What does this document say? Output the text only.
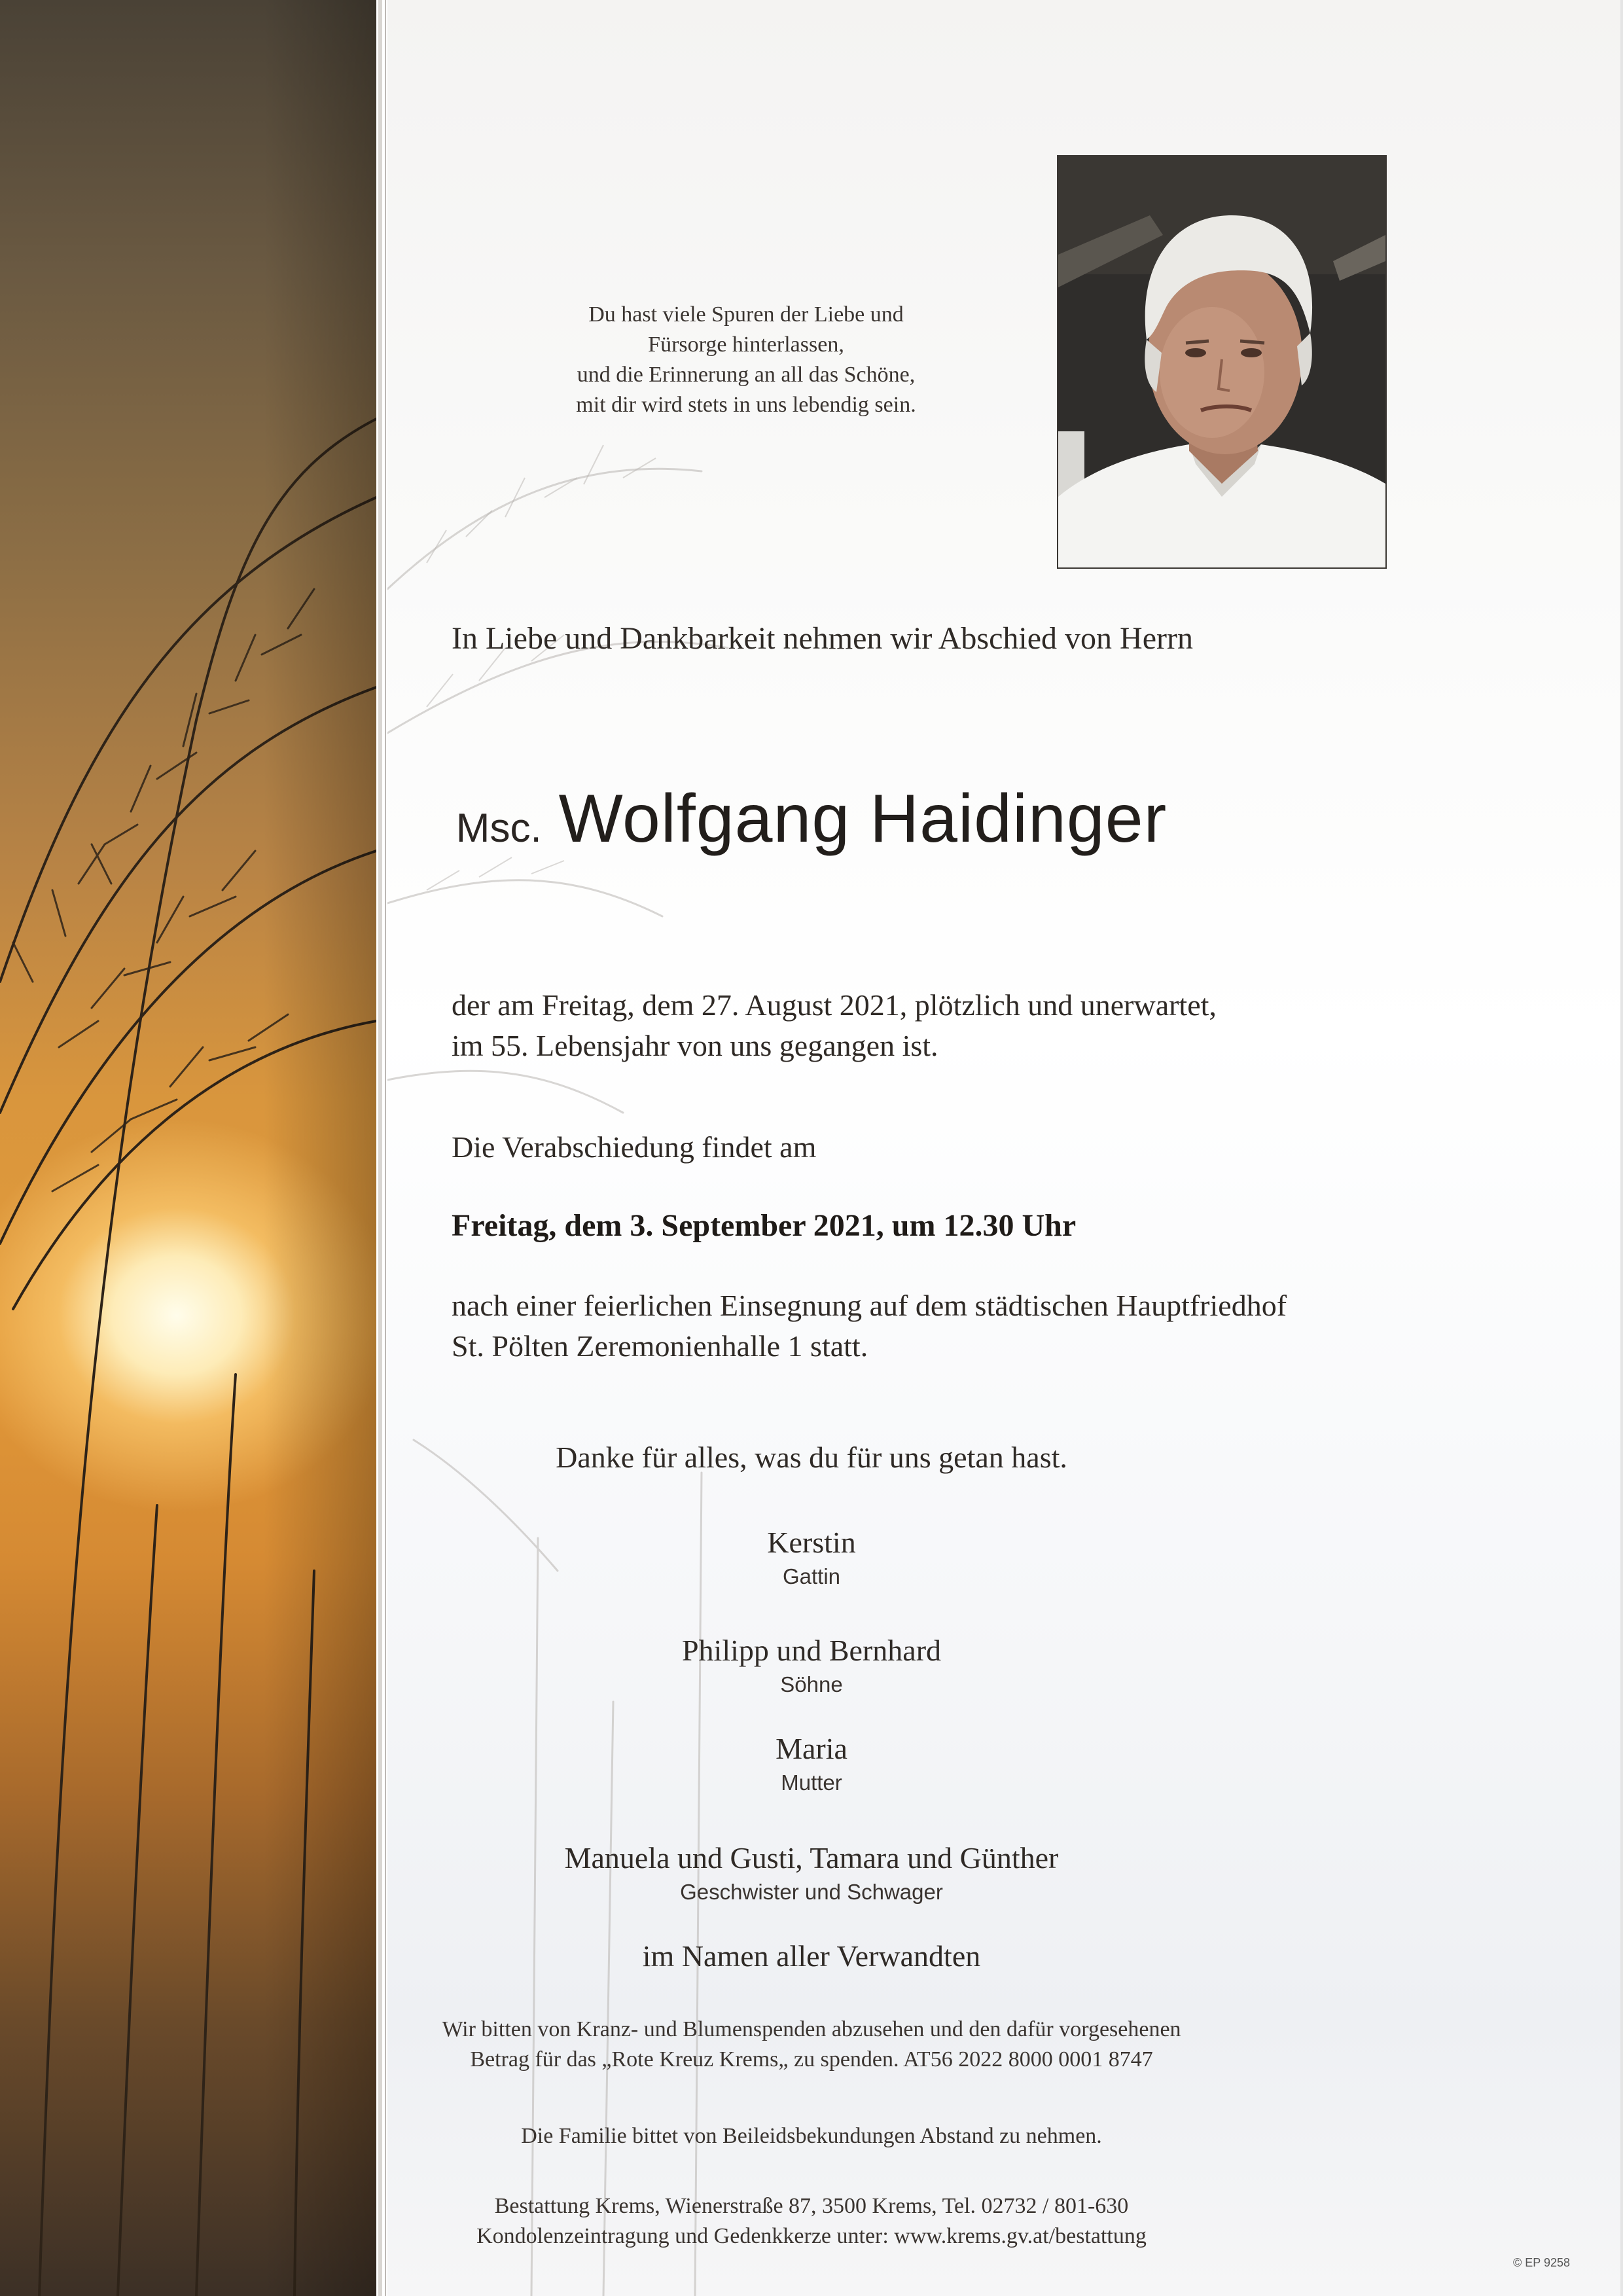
Du hast viele Spuren der Liebe und
Fürsorge hinterlassen,
und die Erinnerung an all das Schöne,
mit dir wird stets in uns lebendig sein.
In Liebe und Dankbarkeit nehmen wir Abschied von Herrn
Msc. Wolfgang Haidinger
der am Freitag, dem 27. August 2021, plötzlich und unerwartet,
im 55. Lebensjahr von uns gegangen ist.
Die Verabschiedung findet am
Freitag, dem 3. September 2021, um 12.30 Uhr
nach einer feierlichen Einsegnung auf dem städtischen Hauptfriedhof
St. Pölten Zeremonienhalle 1 statt.
Danke für alles, was du für uns getan hast.
Kerstin
Gattin
Philipp und Bernhard
Söhne
Maria
Mutter
Manuela und Gusti, Tamara und Günther
Geschwister und Schwager
im Namen aller Verwandten
Wir bitten von Kranz- und Blumenspenden abzusehen und den dafür vorgesehenen
Betrag für das „Rote Kreuz Krems„ zu spenden. AT56 2022 8000 0001 8747
Die Familie bittet von Beileidsbekundungen Abstand zu nehmen.
Bestattung Krems, Wienerstraße 87, 3500 Krems, Tel. 02732 / 801-630
Kondolenzeintragung und Gedenkkerze unter: www.krems.gv.at/bestattung
© EP 9258
